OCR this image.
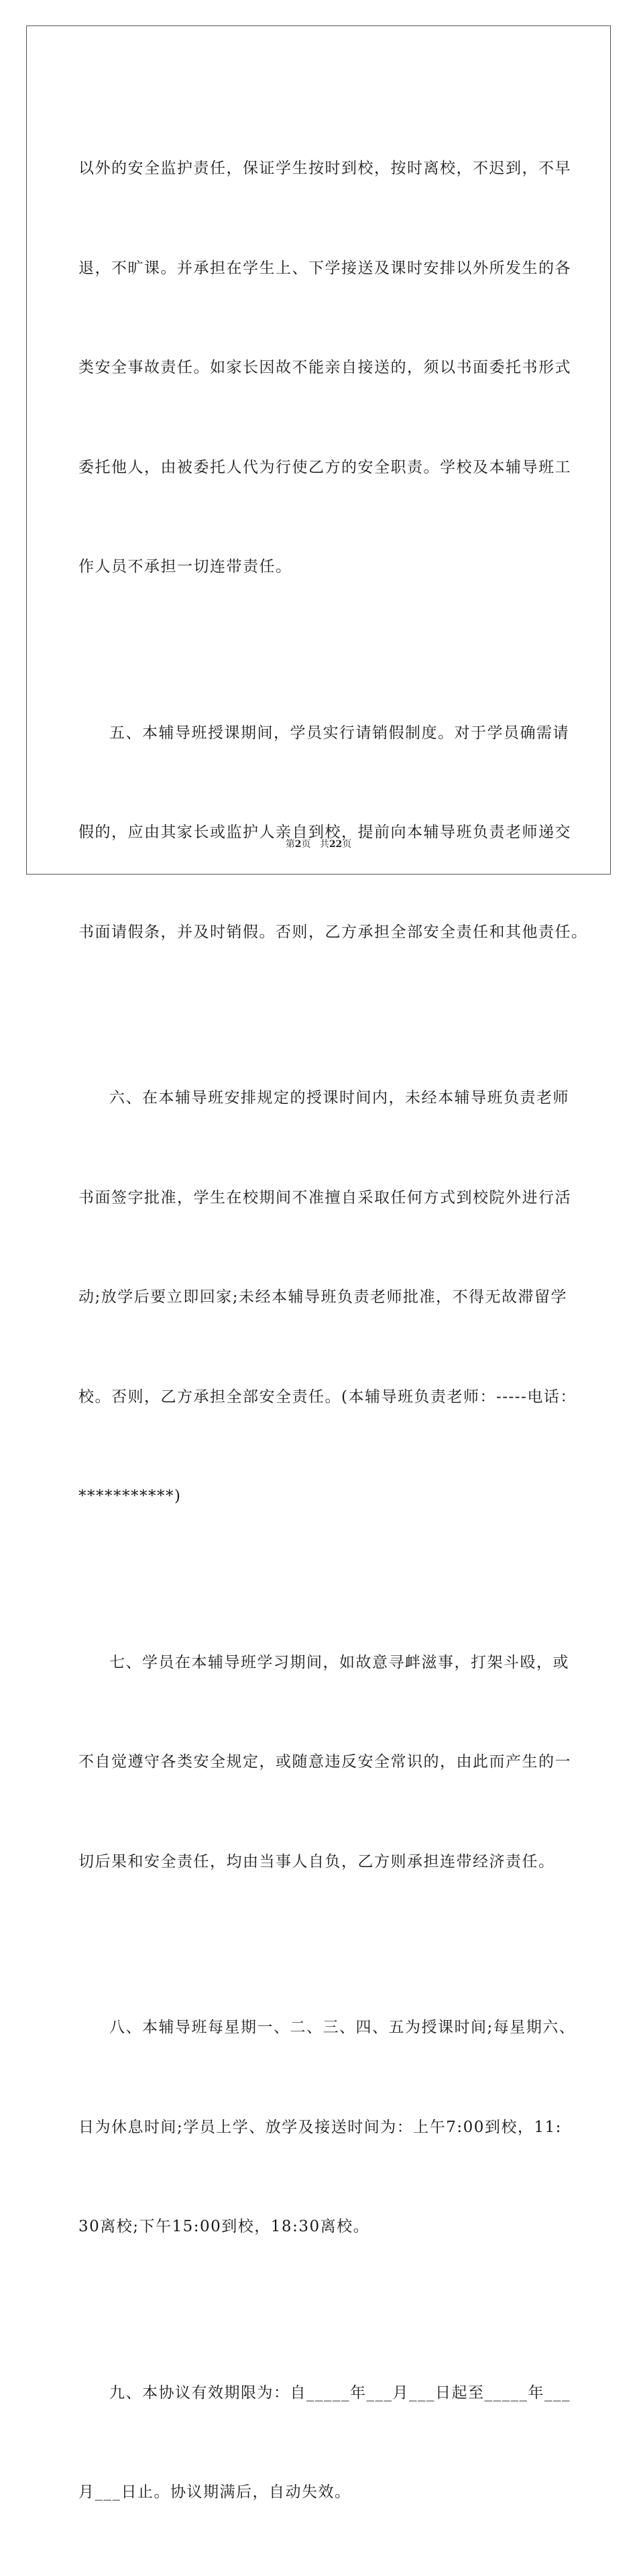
以外的安全监护责任，保证学生按时到校，按时离校，不迟到，不早

退，不旷课。并承担在学生上、下学接送及课时安排以外所发生的各

类安全事故责任。如家长因故不能亲自接送的，须以书面委托书形式

委托他人，由被委托人代为行使乙方的安全职责。学校及本辅导班工

作人员不承担一切连带责任。

五、本辅导班授课期间，学员实行请销假制度。对于学员确需请

假的，应由其家长或监护人亲自到校，提前向本辅导班负责老师递交

书面请假条，并及时销假。否则，乙方承担全部安全责任和其他责任。

六、在本辅导班安排规定的授课时间内，未经本辅导班负责老师

书面签字批准，学生在校期间不准擅自采取任何方式到校院外进行活

动;放学后要立即回家;未经本辅导班负责老师批准，不得无故滞留学

校。否则，乙方承担全部安全责任。(本辅导班负责老师：-----电话：

***********)

七、学员在本辅导班学习期间，如故意寻衅滋事，打架斗殴，或

不自觉遵守各类安全规定，或随意违反安全常识的，由此而产生的一

切后果和安全责任，均由当事人自负，乙方则承担连带经济责任。

八、本辅导班每星期一、二、三、四、五为授课时间;每星期六、

日为休息时间;学员上学、放学及接送时间为：上午7:00到校，11:

30离校;下午15:00到校，18:30离校。

九、本协议有效期限为：自_____年___月___日起至_____年___

月___日止。协议期满后，自动失效。

第2页 共22页
